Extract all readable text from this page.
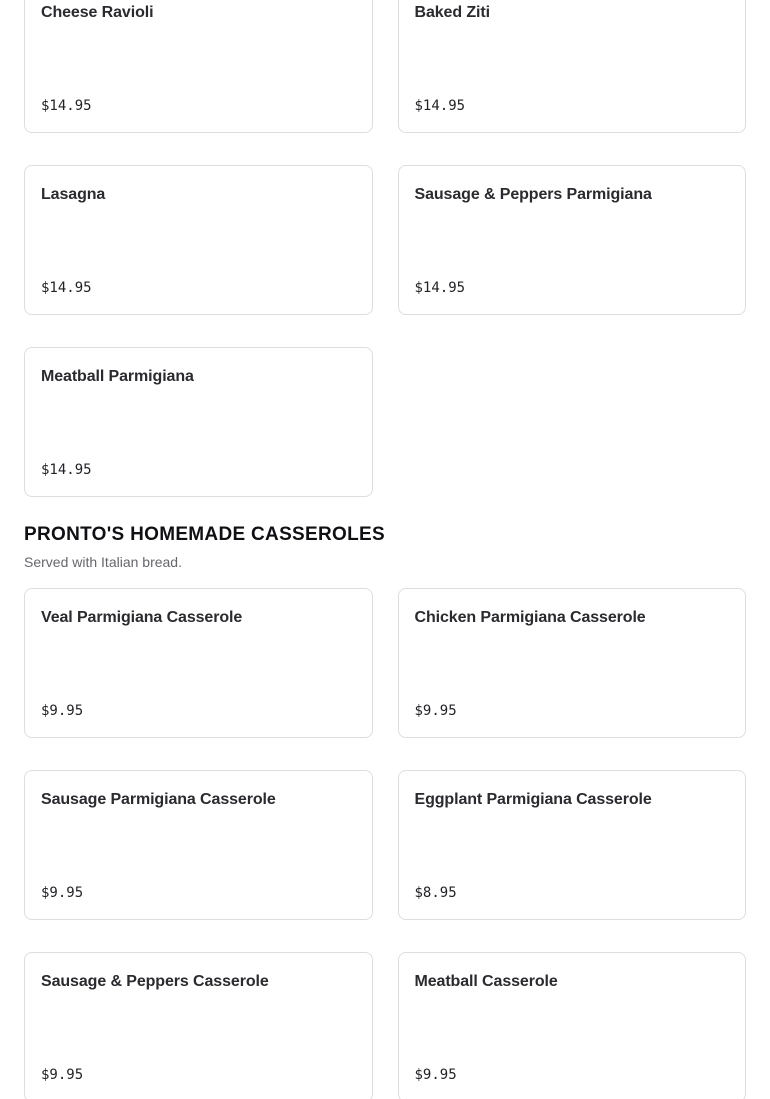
Cheese Ravioli
$14.95
Baked Ziti
$14.95
Lasagna
$14.95
Sausage & Peppers Parmigiana
$14.95
Meatball Parmigiana
$14.95
PRONTO'S HOMEMADE CASSEROLES

Served with Italian bread.

Veal Parmigiana Casserole
$9.95
Chicken Parmigiana Casserole
$9.95
Sausage Parmigiana Casserole
$9.95
Eggplant Parmigiana Casserole
$8.95
Sausage & Peppers Casserole
$9.95
Meatball Casserole
$9.95
